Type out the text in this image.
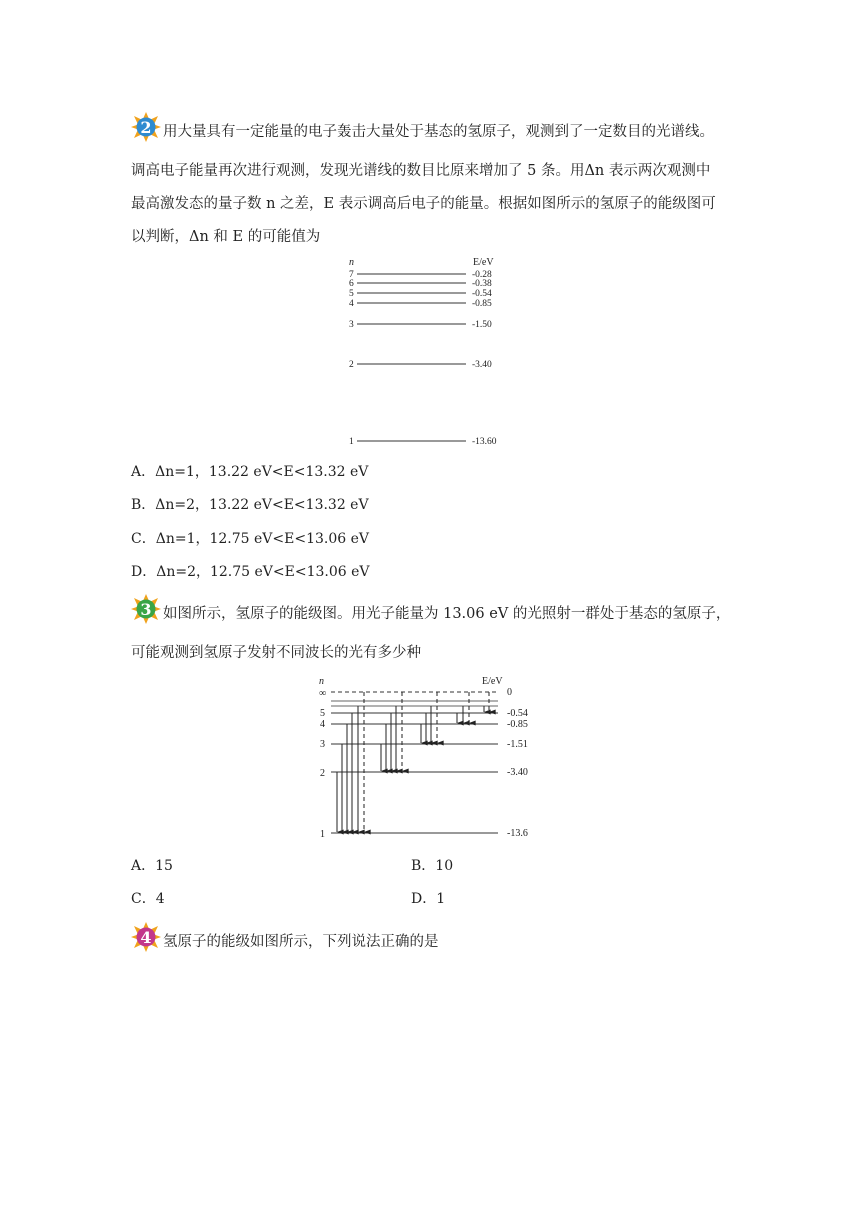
2 用大量具有一定能量的电子轰击大量处于基态的氢原子，观测到了一定数目的光谱线。

调高电子能量再次进行观测，发现光谱线的数目比原来增加了 5 条。用Δn 表示两次观测中

最高激发态的量子数 n 之差，E 表示调高后电子的能量。根据如图所示的氢原子的能级图可

以判断，Δn 和 E 的可能值为

n	E/eV
7	-0.28
6	-0.38
5	-0.54
4	-0.85
3	-1.50
2	-3.40
1	-13.60
A．Δn=1，13.22 eV<E<13.32 eV
B．Δn=2，13.22 eV<E<13.32 eV
C．Δn=1，12.75 eV<E<13.06 eV
D．Δn=2，12.75 eV<E<13.06 eV

3 如图所示，氢原子的能级图。用光子能量为 13.06 eV 的光照射一群处于基态的氢原子，

可能观测到氢原子发射不同波长的光有多少种

n	E/eV
∞	0
5	-0.54
4	-0.85
3	-1.51
2	-3.40
1	-13.6
A．15	B．10
C．4	D．1

4 氢原子的能级如图所示，下列说法正确的是
